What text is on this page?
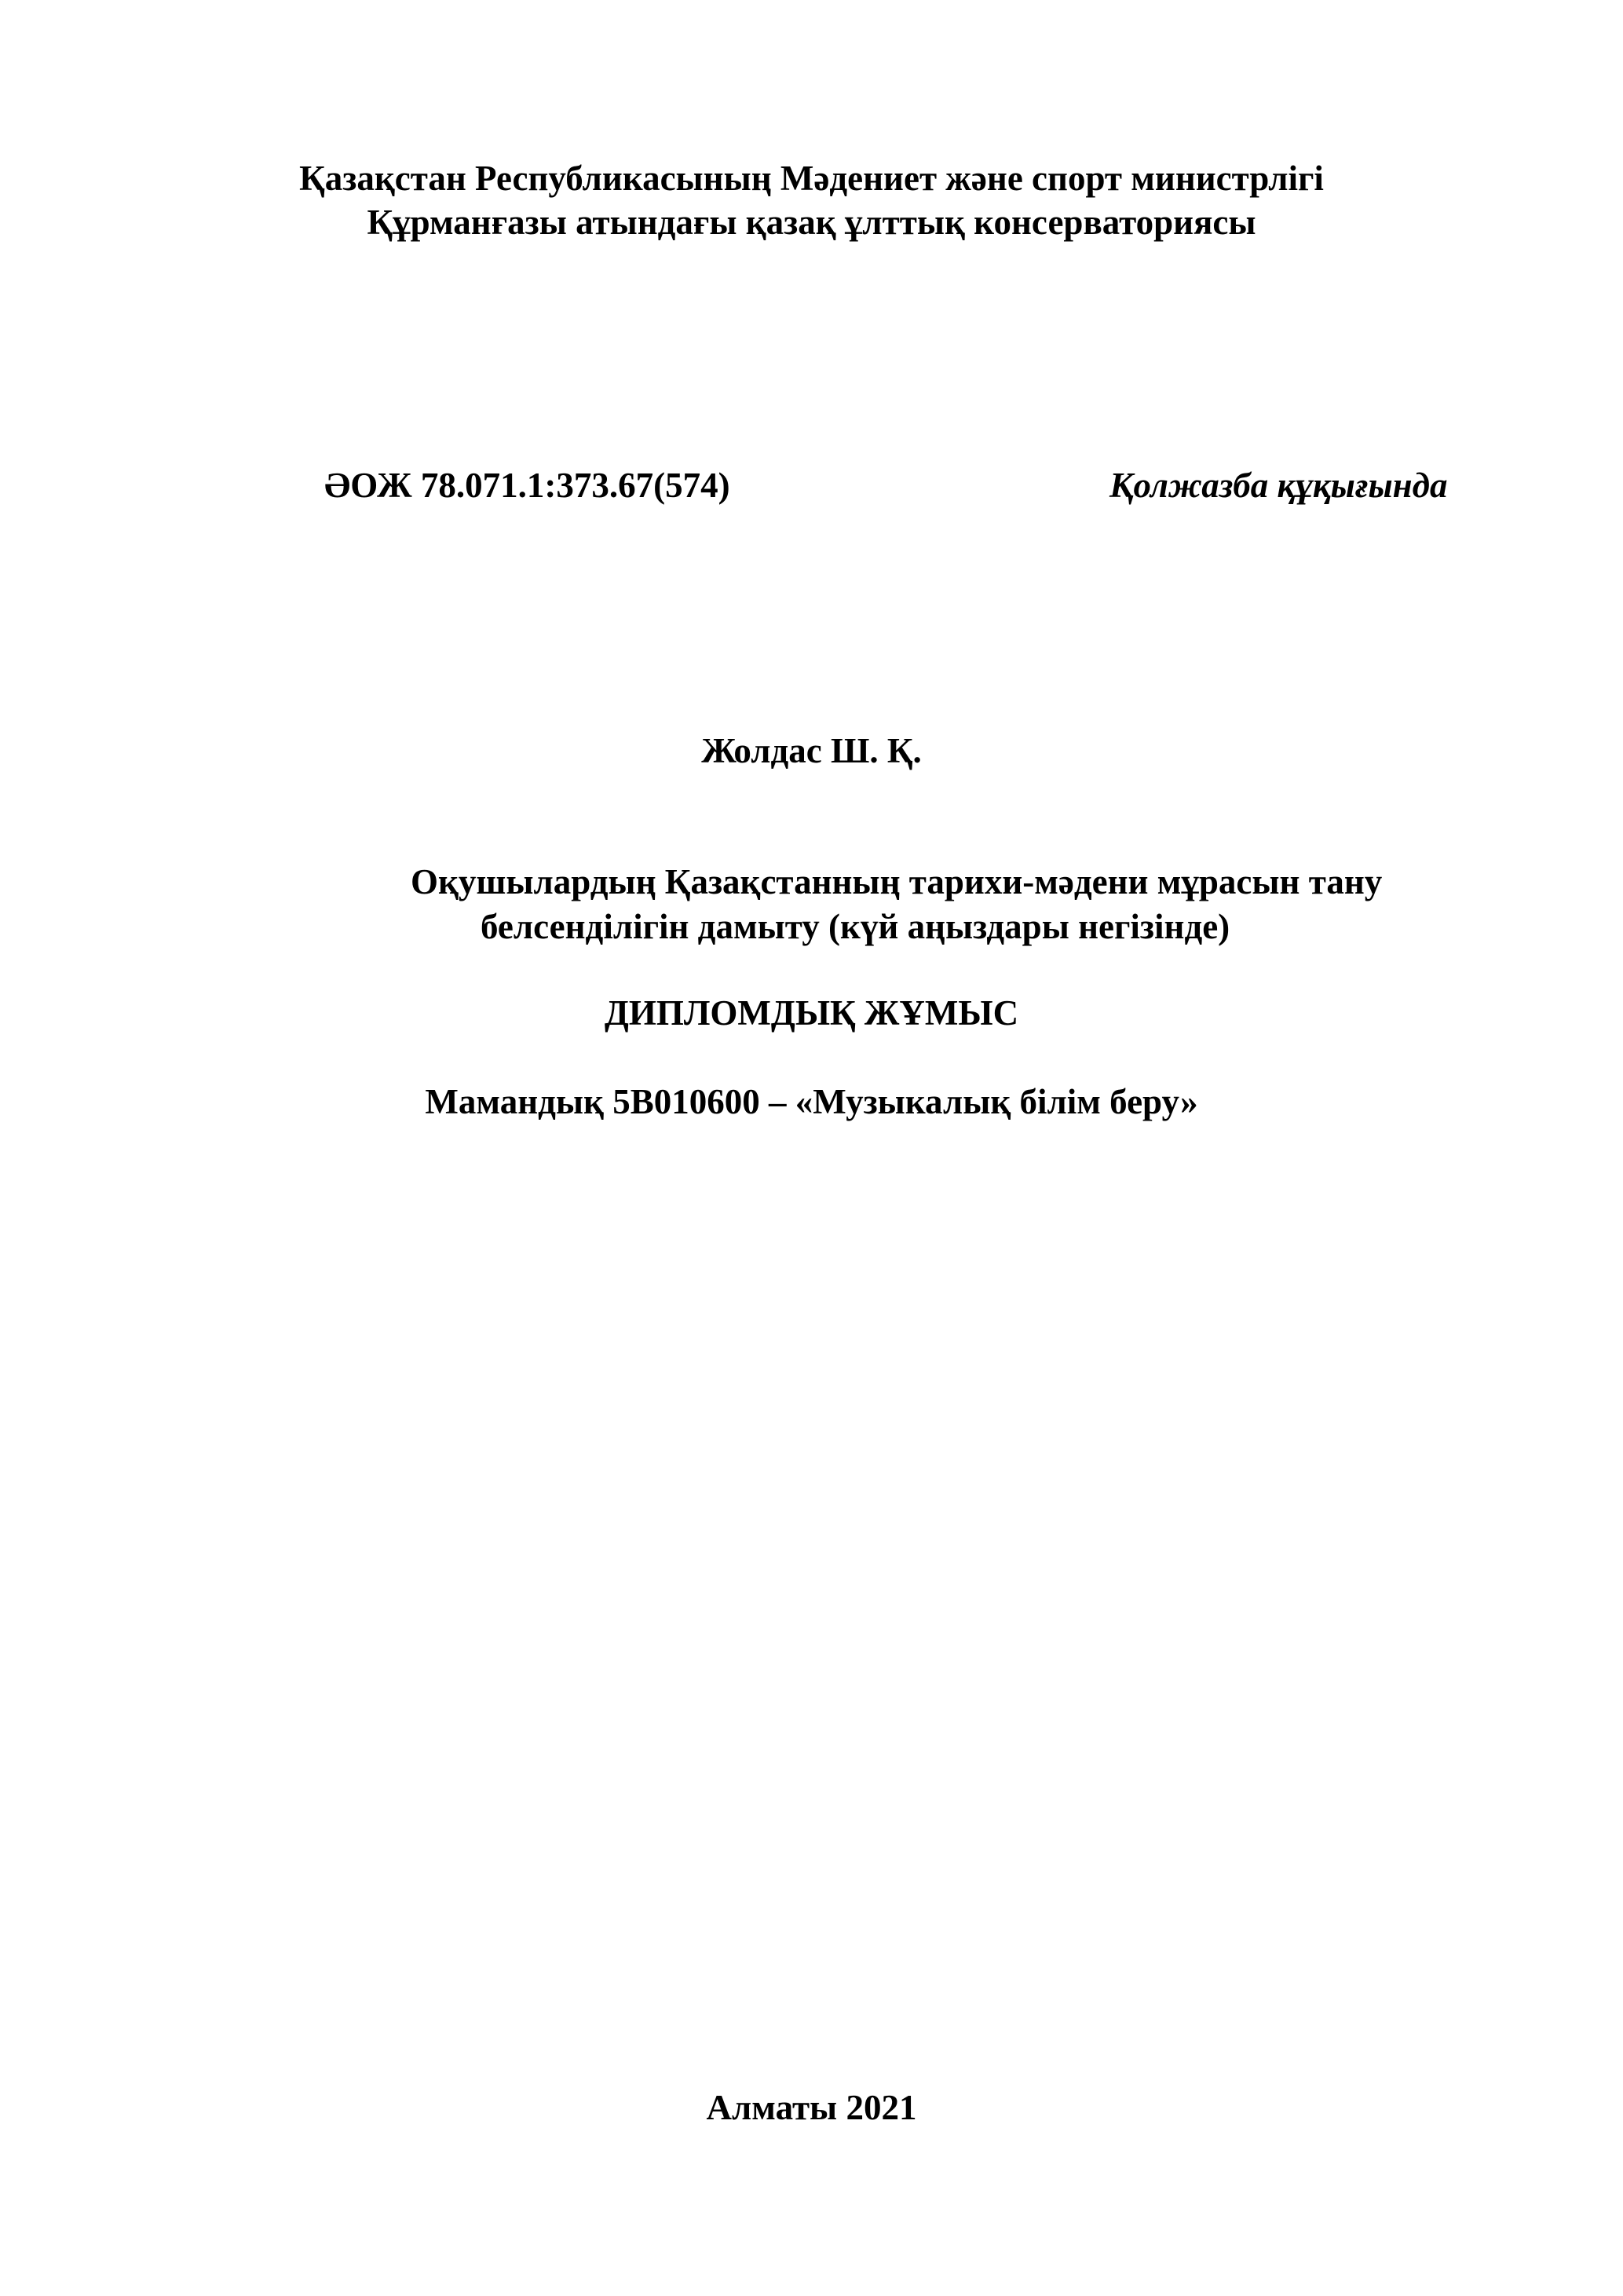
Қазақстан Республикасының Мәдениет және спорт министрлігі
Құрманғазы атындағы қазақ ұлттық консерваториясы
ӘОЖ 78.071.1:373.67(574)	Қолжазба құқығында
Жолдас Ш. Қ.
Оқушылардың Қазақстанның тарихи-мәдени мұрасын тану
белсенділігін дамыту (күй аңыздары негізінде)
ДИПЛОМДЫҚ ЖҰМЫС
Мамандық 5В010600 – «Музыкалық білім беру»
Алматы 2021
